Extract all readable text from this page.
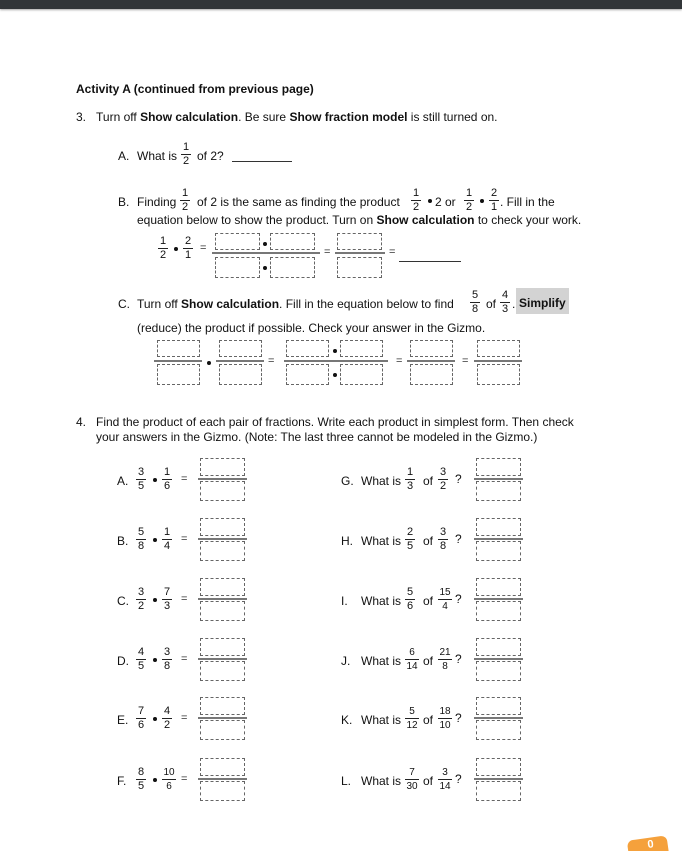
Activity A (continued from previous page)
3. Turn off Show calculation. Be sure Show fraction model is still turned on.
A. What is
1
2 of 2?
B. Finding
1
2 of 2 is the same as finding the product
1
2 2 or
1
2
2
1 . Fill in the
equation below to show the product. Turn on Show calculation to check your work.
1
2
2
1
=	=	=
C. Turn off Show calculation. Fill in the equation below to find
5
8 of
4
3 . Simplify
(reduce) the product if possible. Check your answer in the Gizmo.
=	=	=
4. Find the product of each pair of fractions. Write each product in simplest form. Then check
your answers in the Gizmo. (Note: The last three cannot be modeled in the Gizmo.)
A.
3
5
1
6
=
B.
5
8
1
4
=
C.
3
2
7
3
=
D.
4
5
3
8
=
E.
7
6
4
2
=
F.
8
5
10
6
=
G. What is
1
3 of
3
2 ?
H. What is
2
5 of
3
8 ?
I. What is
5
6 of
15
4
?
J. What is
6
14 of
21
8
?
K. What is
5
12 of
18
10
?
L. What is
7
30 of
3
14
?
0
